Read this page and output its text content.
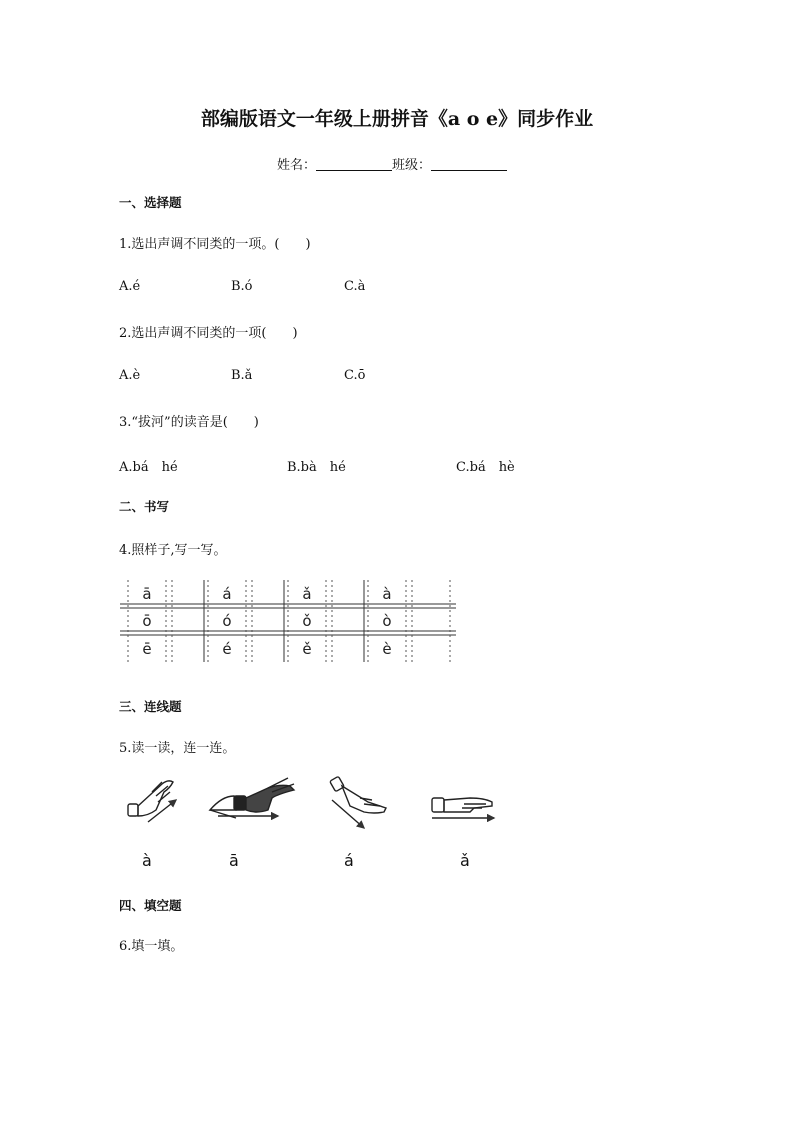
部编版语文一年级上册拼音《a o e》同步作业
姓名：	班级：
一、选择题
1.选出声调不同类的一项。(　　)
A.é	B.ó	C.à
2.选出声调不同类的一项(　　)
A.è	B.ǎ	C.ō
3.“拔河”的读音是(　　)
A.bá　hé	B.bà　hé	C.bá　hè
二、书写
4.照样子,写一写。
ā	á	ǎ	à
ō	ó	ǒ	ò
ē	é	ě	è
三、连线题
5.读一读，连一连。
à	ā	á	ǎ
四、填空题
6.填一填。
